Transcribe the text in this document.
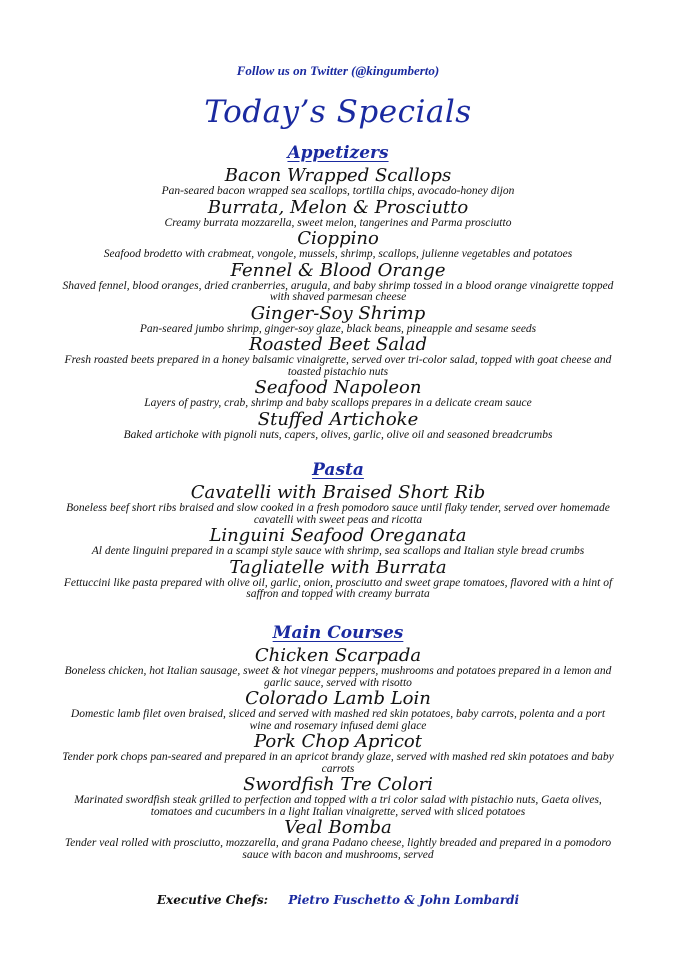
Follow us on Twitter (@kingumberto)
Today’s Specials
Appetizers
Bacon Wrapped Scallops
Pan-seared bacon wrapped sea scallops, tortilla chips, avocado-honey dijon
Burrata, Melon & Prosciutto
Creamy burrata mozzarella, sweet melon, tangerines and Parma prosciutto
Cioppino
Seafood brodetto with crabmeat, vongole, mussels, shrimp, scallops, julienne vegetables and potatoes
Fennel & Blood Orange
Shaved fennel, blood oranges, dried cranberries, arugula, and baby shrimp tossed in a blood orange vinaigrette topped with shaved parmesan cheese
Ginger-Soy Shrimp
Pan-seared jumbo shrimp, ginger-soy glaze, black beans, pineapple and sesame seeds
Roasted Beet Salad
Fresh roasted beets prepared in a honey balsamic vinaigrette, served over tri-color salad, topped with goat cheese and toasted pistachio nuts
Seafood Napoleon
Layers of pastry, crab, shrimp and baby scallops prepares in a delicate cream sauce
Stuffed Artichoke
Baked artichoke with pignoli nuts, capers, olives, garlic, olive oil and seasoned breadcrumbs
Pasta
Cavatelli with Braised Short Rib
Boneless beef short ribs braised and slow cooked in a fresh pomodoro sauce until flaky tender, served over homemade cavatelli with sweet peas and ricotta
Linguini Seafood Oreganata
Al dente linguini prepared in a scampi style sauce with shrimp, sea scallops and Italian style bread crumbs
Tagliatelle with Burrata
Fettuccini like pasta prepared with olive oil, garlic, onion, prosciutto and sweet grape tomatoes, flavored with a hint of saffron and topped with creamy burrata
Main Courses
Chicken Scarpada
Boneless chicken, hot Italian sausage, sweet & hot vinegar peppers, mushrooms and potatoes prepared in a lemon and garlic sauce, served with risotto
Colorado Lamb Loin
Domestic lamb filet oven braised, sliced and served with mashed red skin potatoes, baby carrots, polenta and a port wine and rosemary infused demi glace
Pork Chop Apricot
Tender pork chops pan-seared and prepared in an apricot brandy glaze, served with mashed red skin potatoes and baby carrots
Swordfish Tre Colori
Marinated swordfish steak grilled to perfection and topped with a tri color salad with pistachio nuts, Gaeta olives, tomatoes and cucumbers in a light Italian vinaigrette, served with sliced potatoes
Veal Bomba
Tender veal rolled with prosciutto, mozzarella, and grana Padano cheese, lightly breaded and prepared in a pomodoro sauce with bacon and mushrooms, served
Executive Chefs: Pietro Fuschetto & John Lombardi
